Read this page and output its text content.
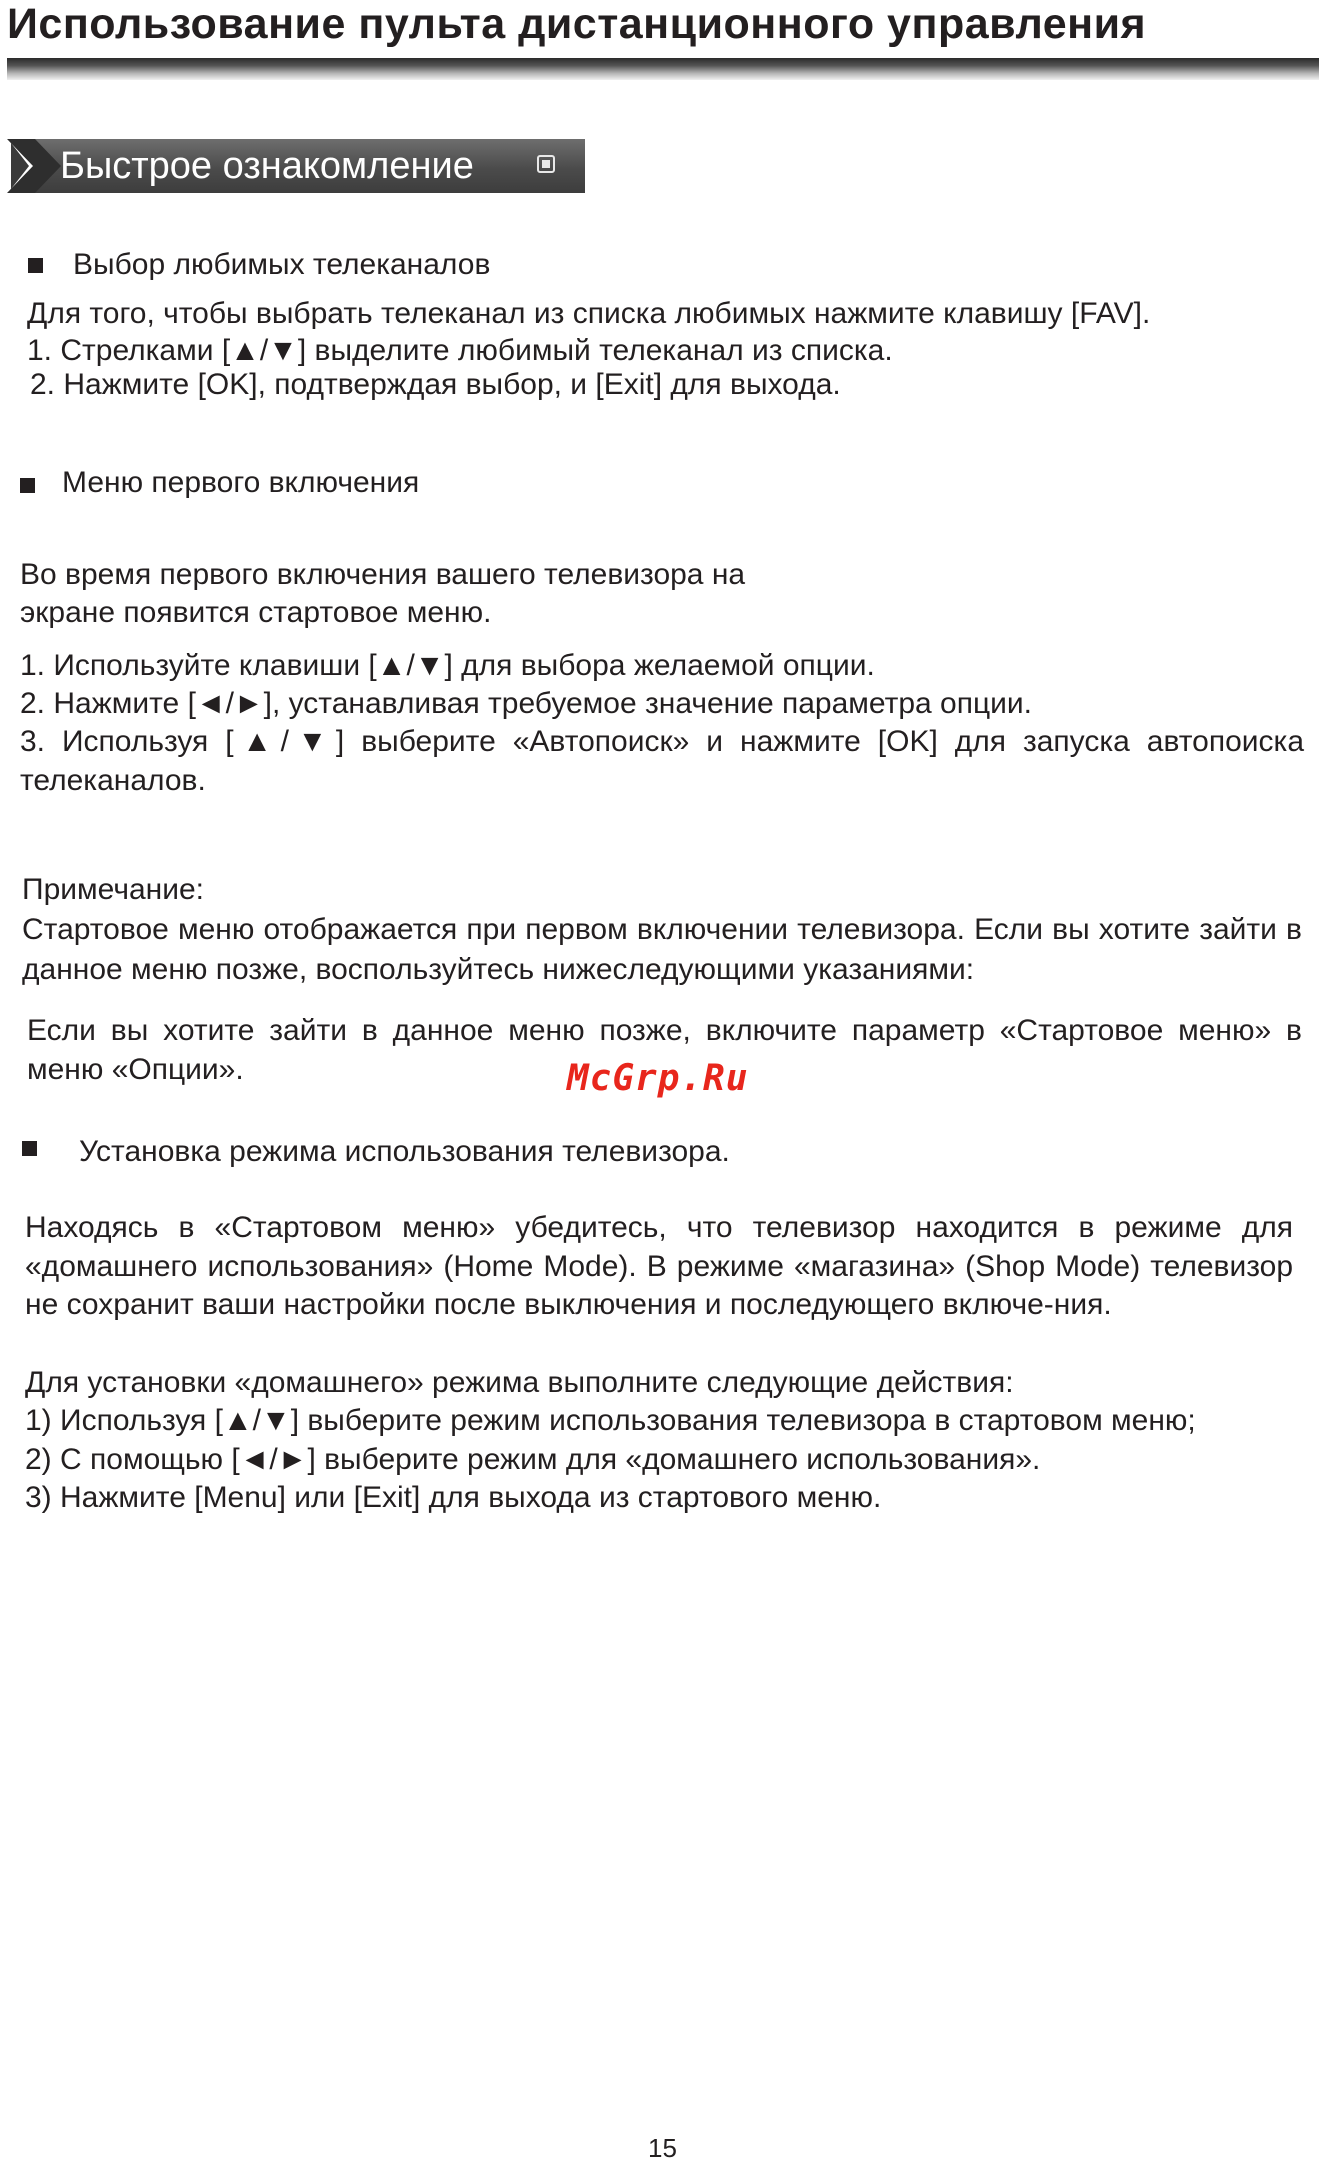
Использование пульта дистанционного управления
Быстрое ознакомление
Выбор любимых телеканалов
Для того, чтобы выбрать телеканал из списка любимых нажмите клавишу [FAV].
1. Стрелками [▲/▼] выделите любимый телеканал из списка.
2. Нажмите [OK], подтверждая выбор, и [Exit] для выхода.
Меню первого включения
Во время первого включения вашего телевизора на
экране появится стартовое меню.
1. Используйте клавиши [▲/▼] для выбора желаемой опции.
2. Нажмите [◄/►], устанавливая требуемое значение параметра опции.
3. Используя [▲/▼] выберите «Автопоиск» и нажмите [OK] для запуска автопоиска телеканалов.
Примечание:
Стартовое меню отображается при первом включении телевизора. Если вы хотите зайти в данное меню позже, воспользуйтесь нижеследующими указаниями:
Если вы хотите зайти в данное меню позже, включите параметр «Стартовое меню» в меню «Опции».	McGrp.Ru
Установка режима использования телевизора.
Находясь в «Стартовом меню» убедитесь, что телевизор находится в режиме для «домашнего использования» (Home Mode). В режиме «магазина» (Shop Mode) телевизор не сохранит ваши настройки после выключения и последующего включе-ния.
Для установки «домашнего» режима выполните следующие действия:
1) Используя [▲/▼] выберите режим использования телевизора в стартовом меню;
2) С помощью [◄/►] выберите режим для «домашнего использования».
3) Нажмите [Menu] или [Exit] для выхода из стартового меню.
15
